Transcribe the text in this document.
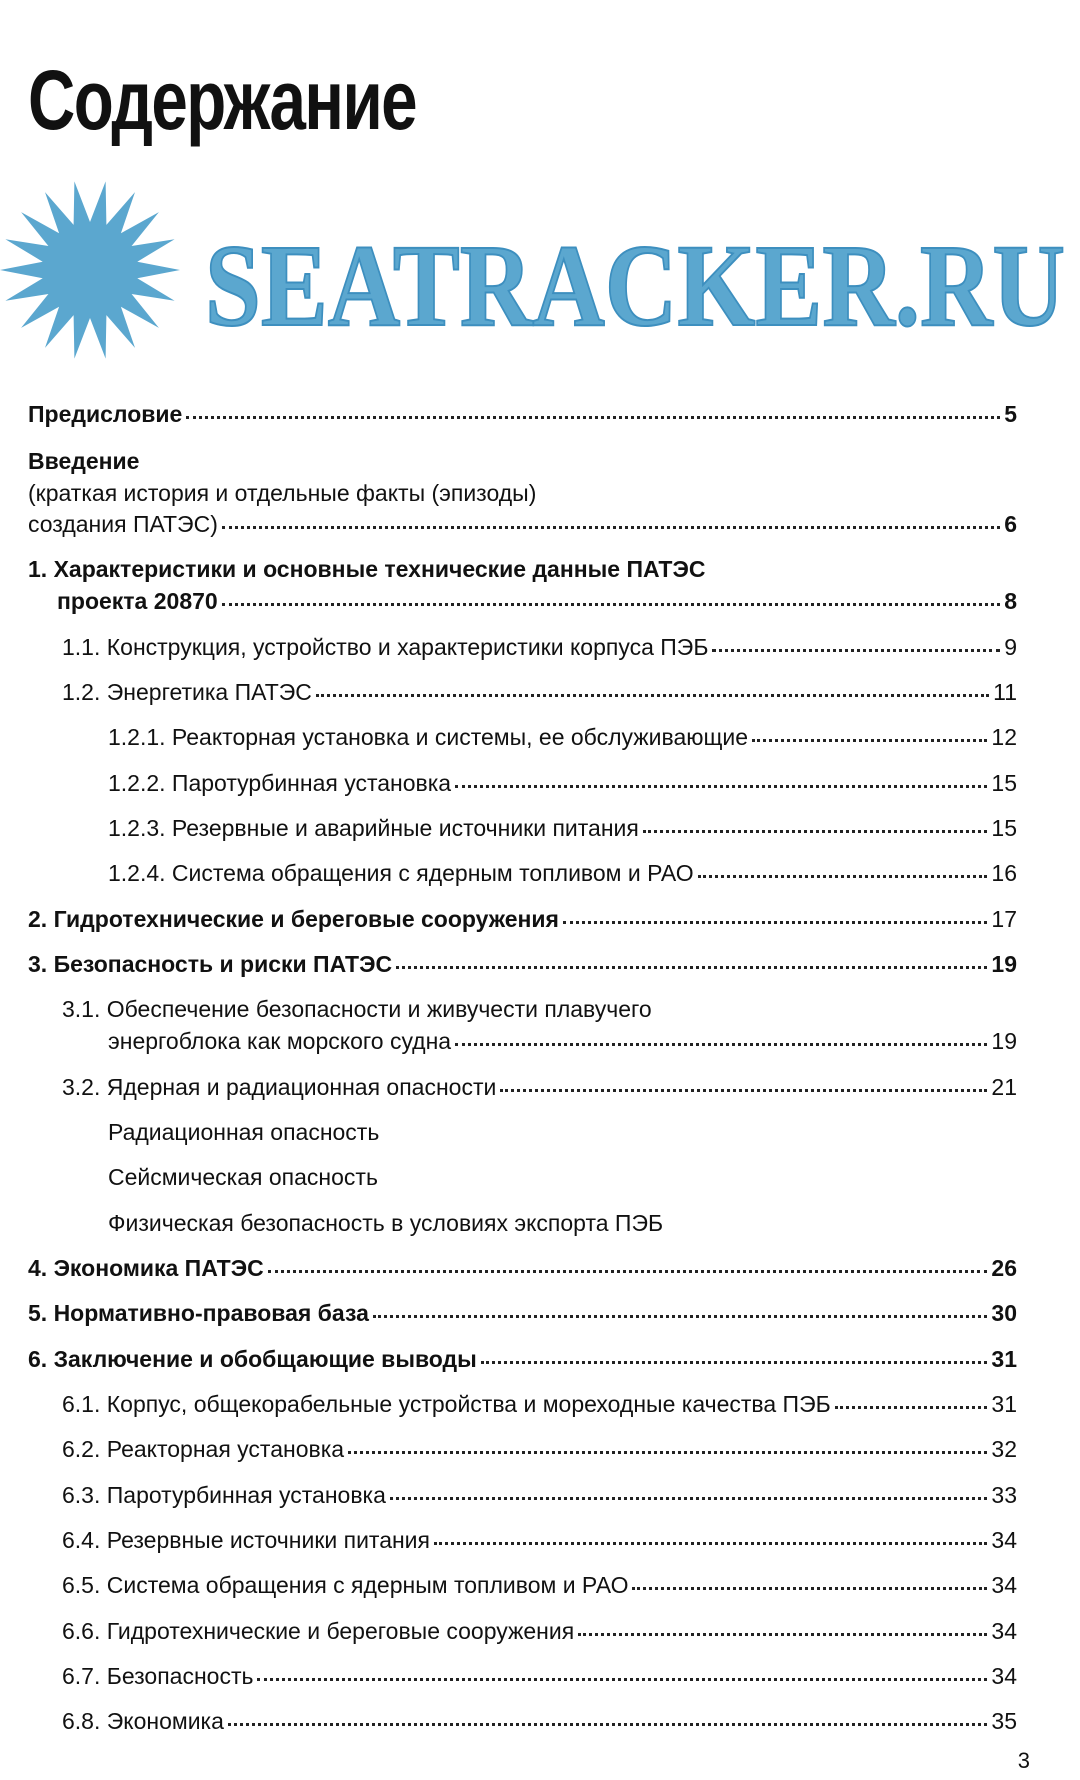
Содержание
Предисловие	5
Введение
(краткая история и отдельные факты (эпизоды)
создания ПАТЭС)	6
1. Характеристики и основные технические данные ПАТЭС
проекта 20870	8
1.1. Конструкция, устройство и характеристики корпуса ПЭБ	9
1.2. Энергетика ПАТЭС	11
1.2.1. Реакторная установка и системы, ее обслуживающие	12
1.2.2. Паротурбинная установка	15
1.2.3. Резервные и аварийные источники питания	15
1.2.4. Система обращения с ядерным топливом и РАО	16
2. Гидротехнические и береговые сооружения	17
3. Безопасность и риски ПАТЭС	19
3.1. Обеспечение безопасности и живучести плавучего
энергоблока как морского судна	19
3.2. Ядерная и радиационная опасности	21
Радиационная опасность
Сейсмическая опасность
Физическая безопасность в условиях экспорта ПЭБ
4. Экономика ПАТЭС	26
5. Нормативно-правовая база	30
6. Заключение и обобщающие выводы	31
6.1. Корпус, общекорабельные устройства и мореходные качества ПЭБ	31
6.2. Реакторная установка	32
6.3. Паротурбинная установка	33
6.4. Резервные источники питания	34
6.5. Система обращения с ядерным топливом и РАО	34
6.6. Гидротехнические и береговые сооружения	34
6.7. Безопасность	34
6.8. Экономика	35
3
SEATRACKER.RU
